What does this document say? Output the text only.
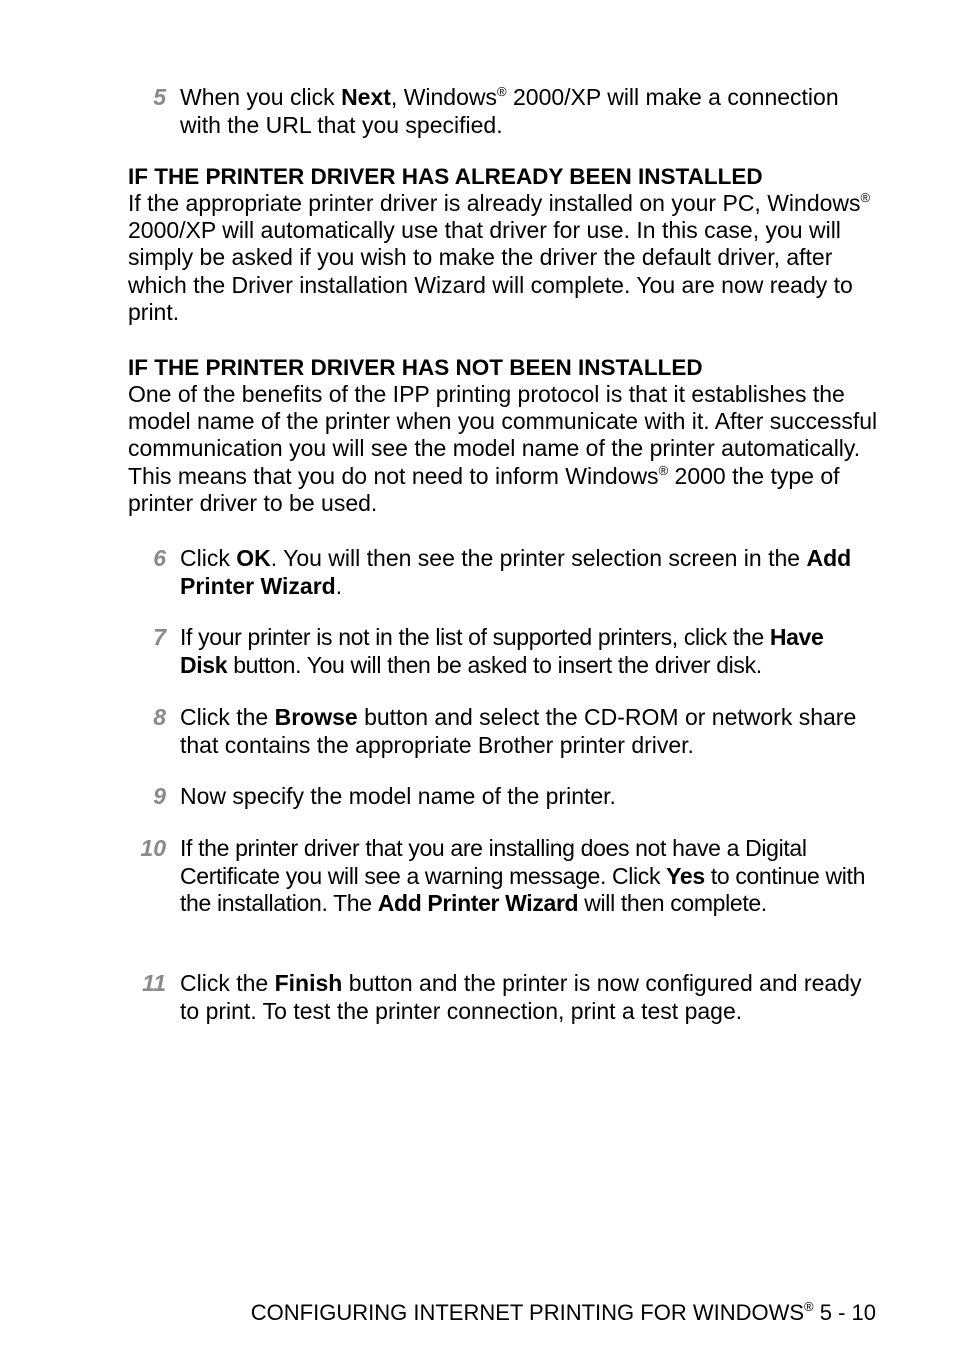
5 When you click Next, Windows® 2000/XP will make a connection with the URL that you specified.
IF THE PRINTER DRIVER HAS ALREADY BEEN INSTALLED

If the appropriate printer driver is already installed on your PC, Windows® 2000/XP will automatically use that driver for use. In this case, you will simply be asked if you wish to make the driver the default driver, after which the Driver installation Wizard will complete. You are now ready to print.

IF THE PRINTER DRIVER HAS NOT BEEN INSTALLED

One of the benefits of the IPP printing protocol is that it establishes the model name of the printer when you communicate with it. After successful communication you will see the model name of the printer automatically. This means that you do not need to inform Windows® 2000 the type of printer driver to be used.

6 Click OK. You will then see the printer selection screen in the Add Printer Wizard.
7 If your printer is not in the list of supported printers, click the Have Disk button. You will then be asked to insert the driver disk.
8 Click the Browse button and select the CD-ROM or network share that contains the appropriate Brother printer driver.
9 Now specify the model name of the printer.
10 If the printer driver that you are installing does not have a Digital Certificate you will see a warning message. Click Yes to continue with the installation. The Add Printer Wizard will then complete.
11 Click the Finish button and the printer is now configured and ready to print. To test the printer connection, print a test page.
CONFIGURING INTERNET PRINTING FOR WINDOWS® 5 - 10
